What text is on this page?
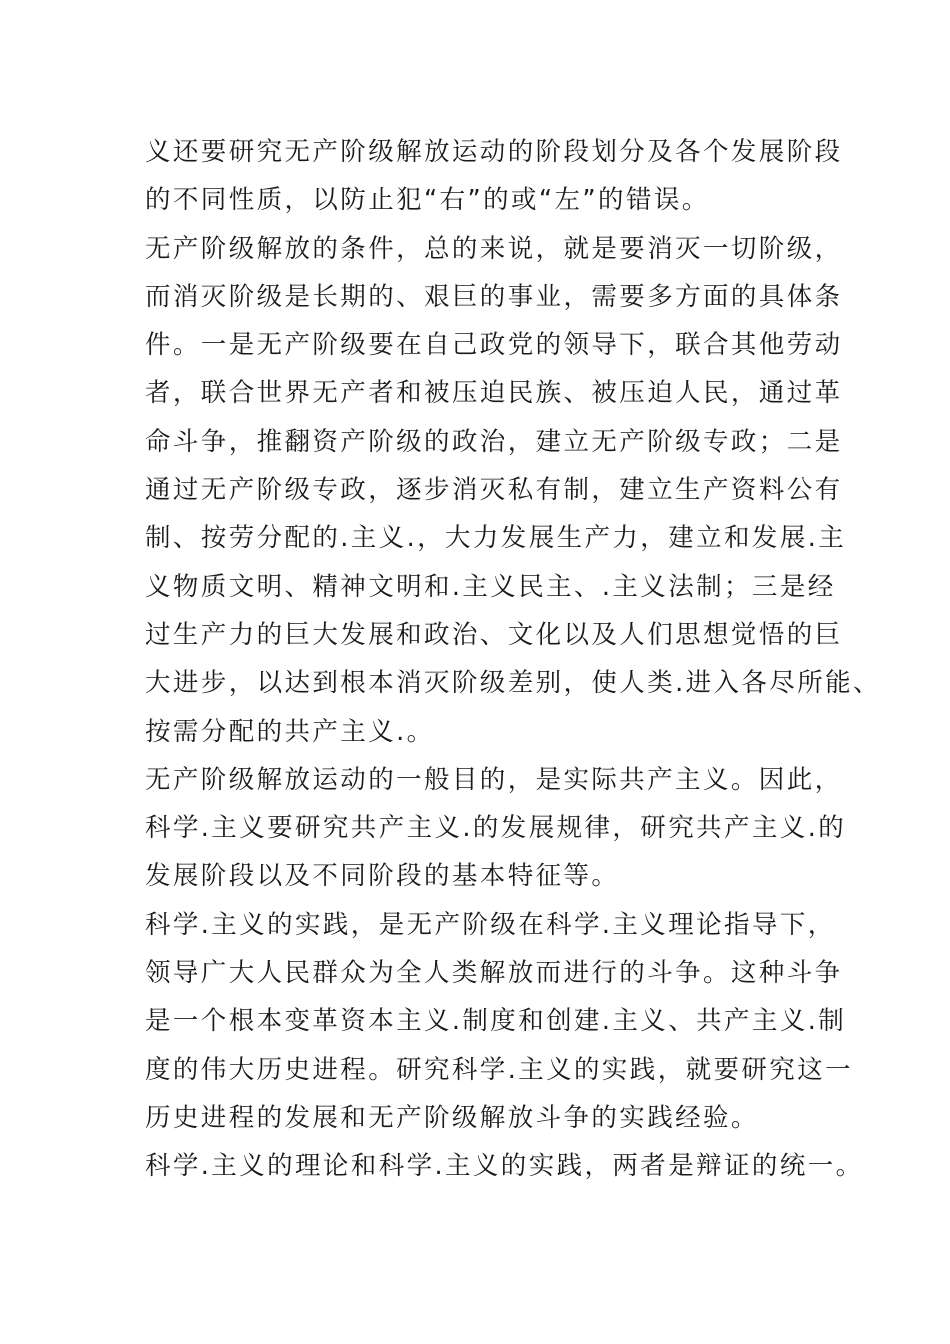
义还要研究无产阶级解放运动的阶段划分及各个发展阶段
的不同性质，以防止犯“右”的或“左”的错误。
无产阶级解放的条件，总的来说，就是要消灭一切阶级，
而消灭阶级是长期的、艰巨的事业，需要多方面的具体条
件。一是无产阶级要在自己政党的领导下，联合其他劳动
者，联合世界无产者和被压迫民族、被压迫人民，通过革
命斗争，推翻资产阶级的政治，建立无产阶级专政；二是
通过无产阶级专政，逐步消灭私有制，建立生产资料公有
制、按劳分配的.主义.，大力发展生产力，建立和发展.主
义物质文明、精神文明和.主义民主、.主义法制；三是经
过生产力的巨大发展和政治、文化以及人们思想觉悟的巨
大进步，以达到根本消灭阶级差别，使人类.进入各尽所能、
按需分配的共产主义.。
无产阶级解放运动的一般目的，是实际共产主义。因此，
科学.主义要研究共产主义.的发展规律，研究共产主义.的
发展阶段以及不同阶段的基本特征等。
科学.主义的实践，是无产阶级在科学.主义理论指导下，
领导广大人民群众为全人类解放而进行的斗争。这种斗争
是一个根本变革资本主义.制度和创建.主义、共产主义.制
度的伟大历史进程。研究科学.主义的实践，就要研究这一
历史进程的发展和无产阶级解放斗争的实践经验。
科学.主义的理论和科学.主义的实践，两者是辩证的统一。
